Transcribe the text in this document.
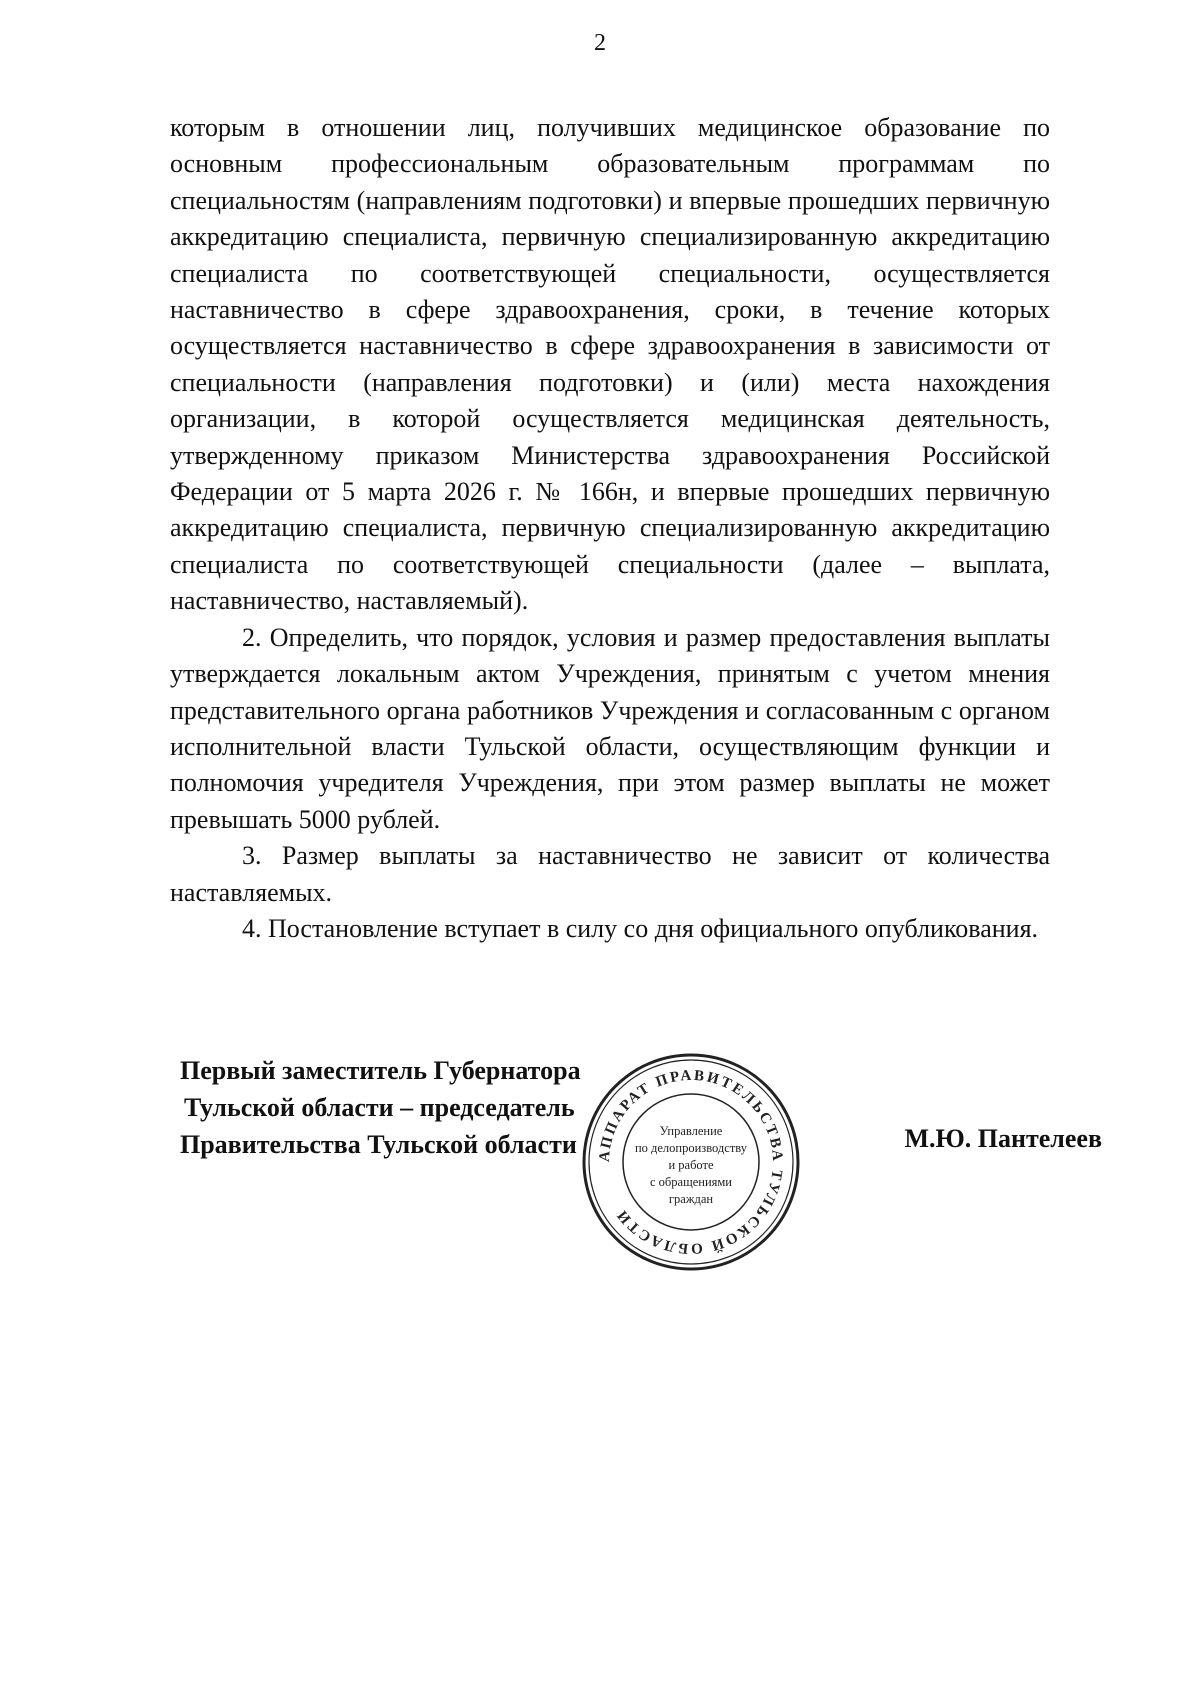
2

которым в отношении лиц, получивших медицинское образование по основным профессиональным образовательным программам по специальностям (направлениям подготовки) и впервые прошедших первичную аккредитацию специалиста, первичную специализированную аккредитацию специалиста по соответствующей специальности, осуществляется наставничество в сфере здравоохранения, сроки, в течение которых осуществляется наставничество в сфере здравоохранения в зависимости от специальности (направления подготовки) и (или) места нахождения организации, в которой осуществляется медицинская деятельность, утвержденному приказом Министерства здравоохранения Российской Федерации от 5 марта 2026 г. № 166н, и впервые прошедших первичную аккредитацию специалиста, первичную специализированную аккредитацию специалиста по соответствующей специальности (далее – выплата, наставничество, наставляемый).

2. Определить, что порядок, условия и размер предоставления выплаты утверждается локальным актом Учреждения, принятым с учетом мнения представительного органа работников Учреждения и согласованным с органом исполнительной власти Тульской области, осуществляющим функции и полномочия учредителя Учреждения, при этом размер выплаты не может превышать 5000 рублей.

3. Размер выплаты за наставничество не зависит от количества наставляемых.

4. Постановление вступает в силу со дня официального опубликования.

Первый заместитель Губернатора
Тульской области – председатель
Правительства Тульской области	М.Ю. Пантелеев
АППАРАТ ПРАВИТЕЛЬСТВА ТУЛЬСКОЙ ОБЛАСТИ
Управление
по делопроизводству
и работе
с обращениями
граждан
